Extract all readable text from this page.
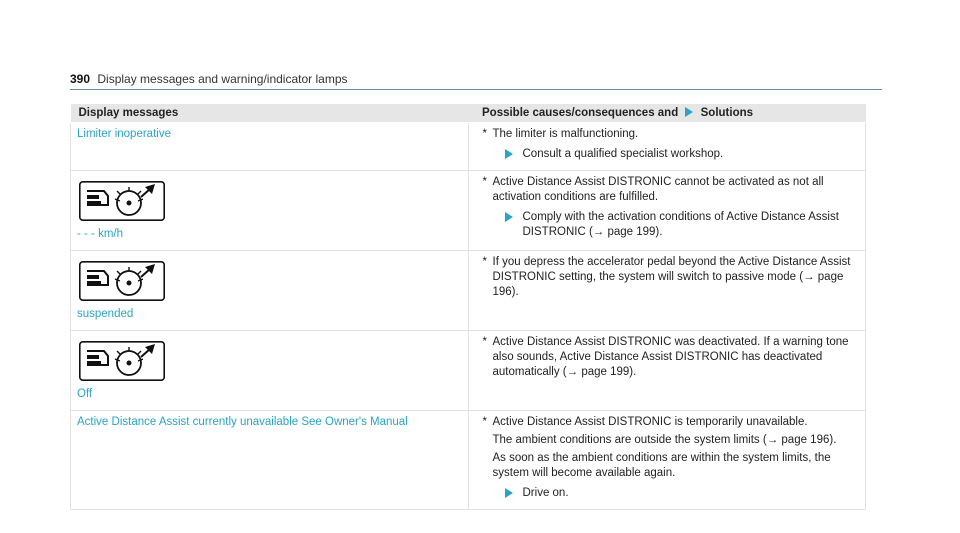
390 Display messages and warning/indicator lamps
Display messages	Possible causes/consequences and Solutions
Limiter inoperative	* The limiter is malfunctioning.
Consult a qualified specialist workshop.

- - - km/h	* Active Distance Assist DISTRONIC cannot be activated as not all activation conditions are fulfilled.
Comply with the activation conditions of Active Distance Assist DISTRONIC (→ page 199).

suspended	* If you depress the accelerator pedal beyond the Active Distance Assist DISTRONIC setting, the system will switch to passive mode (→ page 196).

Off	* Active Distance Assist DISTRONIC was deactivated. If a warning tone also sounds, Active Distance Assist DISTRONIC has deactivated automatically (→ page 199).

Active Distance Assist currently unavailable See Owner's Manual	* Active Distance Assist DISTRONIC is temporarily unavailable.
The ambient conditions are outside the system limits (→ page 196).
As soon as the ambient conditions are within the system limits, the system will become available again.
Drive on.
